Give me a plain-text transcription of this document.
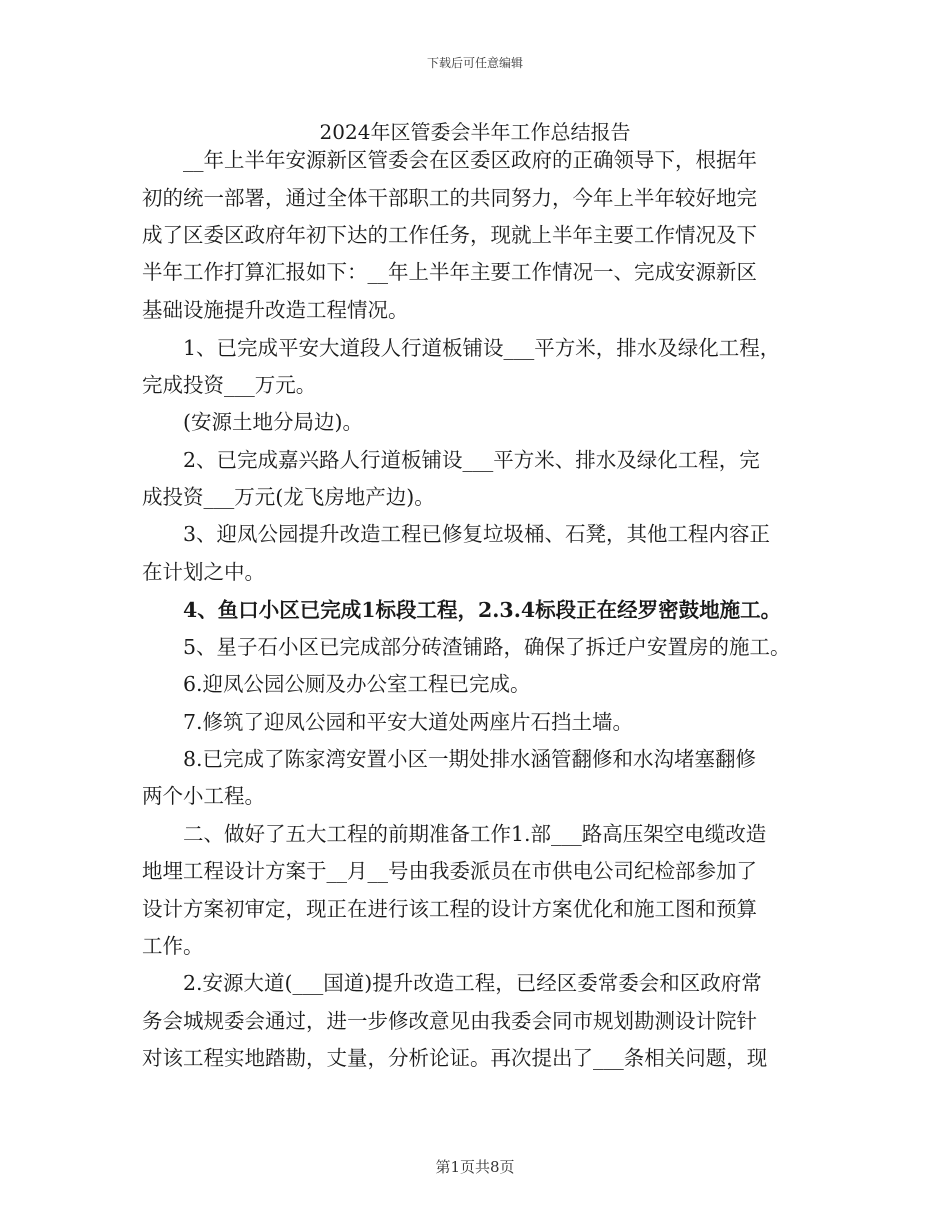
下载后可任意编辑
2024年区管委会半年工作总结报告
　　__年上半年安源新区管委会在区委区政府的正确领导下，根据年
初的统一部署，通过全体干部职工的共同努力，今年上半年较好地完
成了区委区政府年初下达的工作任务，现就上半年主要工作情况及下
半年工作打算汇报如下：__年上半年主要工作情况一、完成安源新区
基础设施提升改造工程情况。
　　1、已完成平安大道段人行道板铺设___平方米，排水及绿化工程，
完成投资___万元。
　　(安源土地分局边)。
　　2、已完成嘉兴路人行道板铺设___平方米、排水及绿化工程，完
成投资___万元(龙飞房地产边)。
　　3、迎凤公园提升改造工程已修复垃圾桶、石凳，其他工程内容正
在计划之中。
　　4、鱼口小区已完成1标段工程，2.3.4标段正在经罗密鼓地施工。
　　5、星子石小区已完成部分砖渣铺路，确保了拆迁户安置房的施工。
　　6.迎凤公园公厕及办公室工程已完成。
　　7.修筑了迎凤公园和平安大道处两座片石挡土墙。
　　8.已完成了陈家湾安置小区一期处排水涵管翻修和水沟堵塞翻修
两个小工程。
　　二、做好了五大工程的前期准备工作1.部___路高压架空电缆改造
地埋工程设计方案于__月__号由我委派员在市供电公司纪检部参加了
设计方案初审定，现正在进行该工程的设计方案优化和施工图和预算
工作。
　　2.安源大道(___国道)提升改造工程，已经区委常委会和区政府常
务会城规委会通过，进一步修改意见由我委会同市规划勘测设计院针
对该工程实地踏勘，丈量，分析论证。再次提出了___条相关问题，现
第1页共8页
